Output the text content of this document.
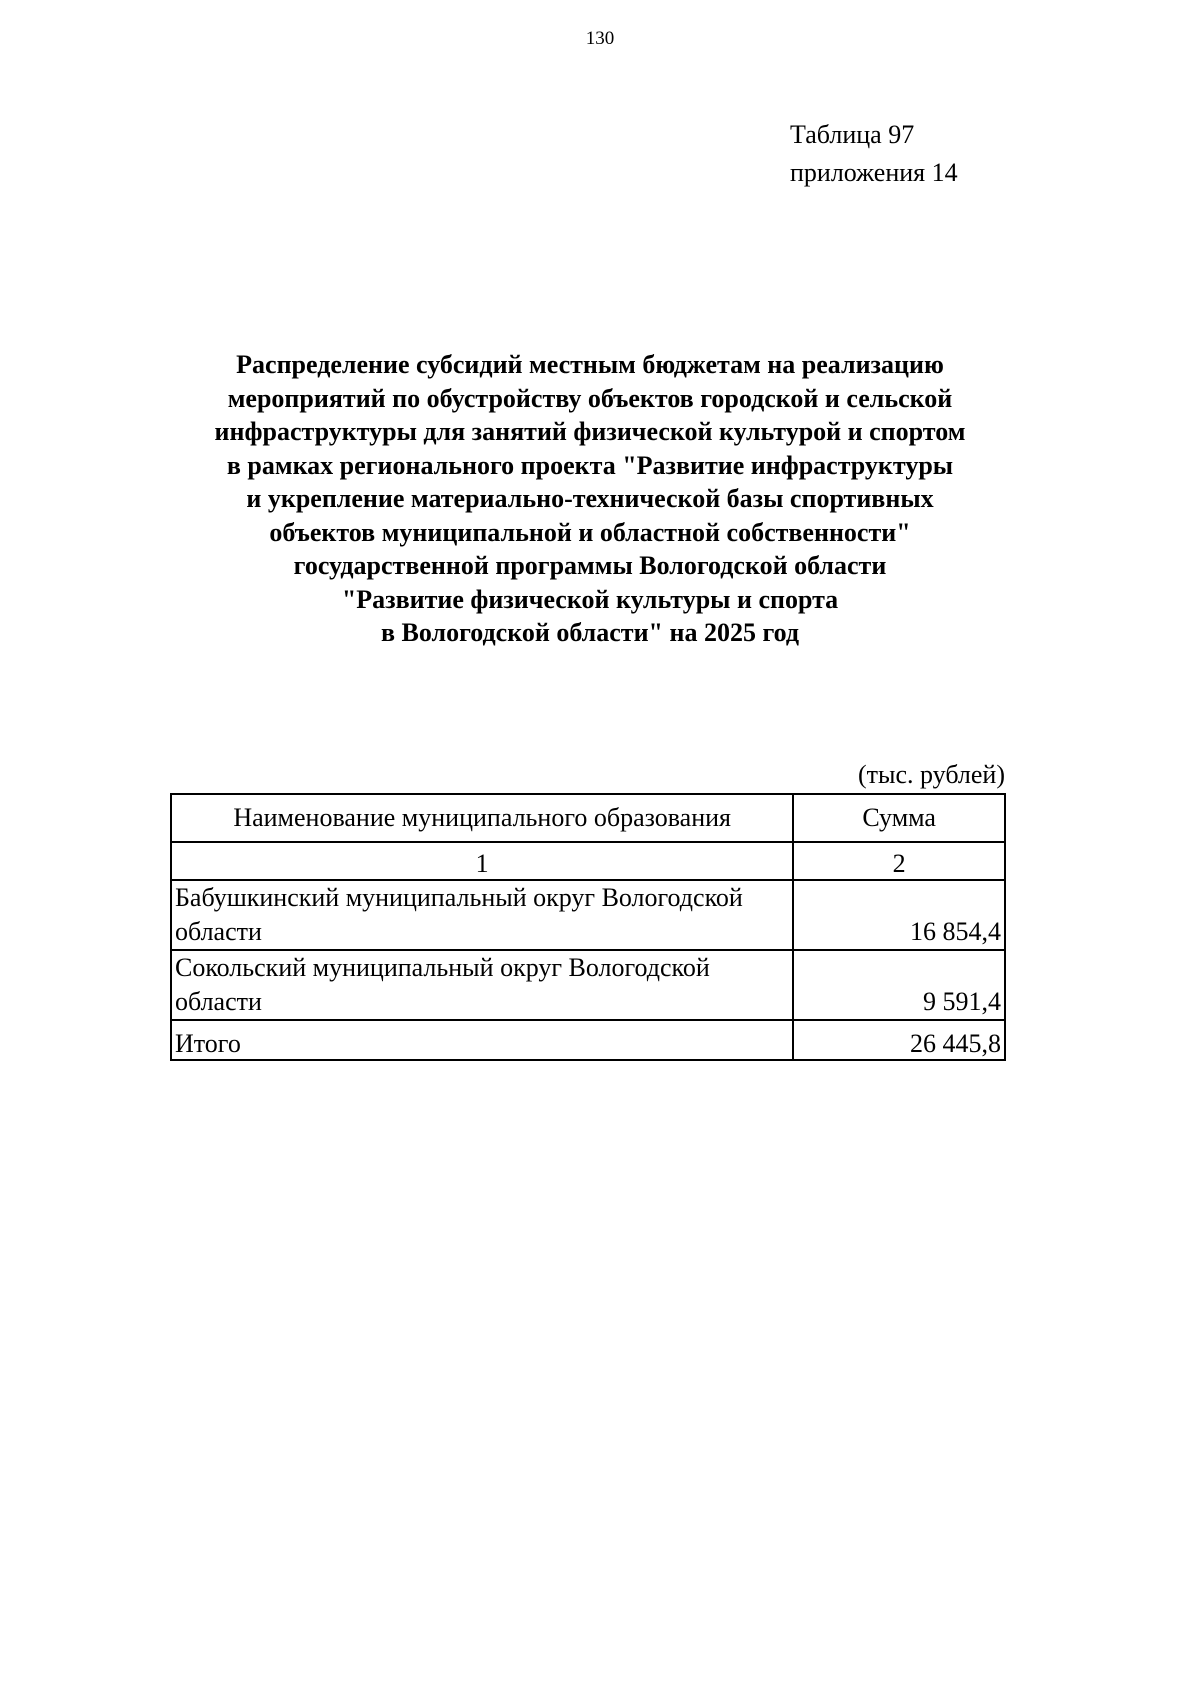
130
Таблица 97
приложения 14
Распределение субсидий местным бюджетам на реализацию
мероприятий по обустройству объектов городской и сельской
инфраструктуры для занятий физической культурой и спортом
в рамках регионального проекта "Развитие инфраструктуры
и укрепление материально-технической базы спортивных
объектов муниципальной и областной собственности"
государственной программы Вологодской области
"Развитие физической культуры и спорта
в Вологодской области" на 2025 год
(тыс. рублей)
Наименование муниципального образования	Сумма
1	2

Бабушкинский муниципальный округ Вологодской
области	16 854,4

Сокольский муниципальный округ Вологодской
области	9 591,4
Итого	26 445,8
